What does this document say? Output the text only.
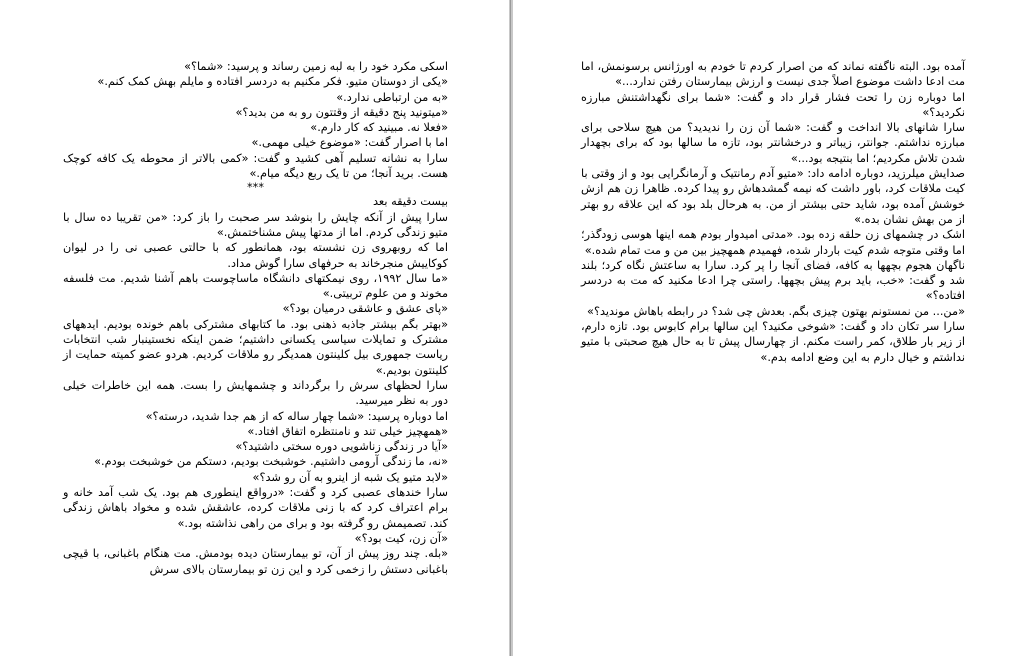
اسکی مکرد خود را به لبه زمین رساند و پرسید: «شما؟»

«یکی از دوستان متیو. فکر مکنیم به دردسر افتاده و مایلم بهش کمک کنم.»

«به من ارتباطی ندارد.»

«میتونید پنج دقیقه از وقتتون رو به من بدید؟»

«فعلا نه. مبینید که کار دارم.»

اما با اصرار گفت: «موضوع خیلی مهمی.»

سارا به نشانه تسلیم آهی کشید و گفت: «کمی بالاتر از محوطه یک کافه کوچک هست. برید آنجا؛ من تا یک ربع دیگه میام.»

***

بیست دقیقه بعد

سارا پیش از آنکه چایش را بنوشد سر صحبت را باز کرد: «من تقریبا ده سال با متیو زندگی کردم. اما از مدتها پیش مشناختمش.»

اما که روبهروی زن نشسته بود، همانطور که با حالتی عصبی نی را در لیوان کوکاییش منجرخاند به حرفهای سارا گوش مداد.

«ما سال ۱۹۹۲، روی نیمکتهای دانشگاه ماساچوست باهم آشنا شدیم. مت فلسفه مخوند و من علوم تربیتی.»

«پای عشق و عاشقی درمیان بود؟»

«بهتر بگم بیشتر جاذبه ذهنی بود. ما کتابهای مشترکی باهم خونده بودیم. ایدههای مشترک و تمایلات سیاسی یکسانی داشتیم؛ ضمن اینکه نخستینبار شب انتخابات ریاست جمهوری بیل کلینتون همدیگر رو ملاقات کردیم. هردو عضو کمیته حمایت از کلینتون بودیم.»

سارا لحظهای سرش را برگرداند و چشمهایش را بست. همه این خاطرات خیلی دور به نظر میرسید.

اما دوباره پرسید: «شما چهار ساله که از هم جدا شدید، درسته؟»

«همهچیز خیلی تند و نامنتظره اتفاق افتاد.»

«آیا در زندگی زناشویی دوره سختی داشتید؟»

«نه، ما زندگی آرومی داشتیم. خوشبخت بودیم، دستکم من خوشبخت بودم.»

«لابد متیو یک شبه از اینرو به آن رو شد؟»

سارا خندهای عصبی کرد و گفت: «درواقع اینطوری هم بود. یک شب آمد خانه و برام اعتراف کرد که با زنی ملاقات کرده، عاشقش شده و مخواد باهاش زندگی کند. تصمیمش رو گرفته بود و برای من راهی نذاشته بود.»

«آن زن، کیت بود؟»

«بله. چند روز پیش از آن، تو بیمارستان دیده بودمش. مت هنگام باغبانی، با قیچی باغبانی دستش را زخمی کرد و این زن تو بیمارستان بالای سرش

آمده بود. البته ناگفته نماند که من اصرار کردم تا خودم به اورژانس برسونمش، اما مت ادعا داشت موضوع اصلاً جدی نیست و ارزش بیمارستان رفتن ندارد...»

اما دوباره زن را تحت فشار قرار داد و گفت: «شما برای نگهداشتنش مبارزه نکردید؟»

سارا شانهای بالا انداخت و گفت: «شما آن زن را ندیدید؟ من هیچ سلاحی برای مبارزه نداشتم. جوانتر، زیباتر و درخشانتر بود، تازه ما سالها بود که برای بچهدار شدن تلاش مکردیم؛ اما بنتیجه بود...»

صدایش میلرزید، دوباره ادامه داد: «متیو آدم رمانتیک و آرمانگرایی بود و از وقتی با کیت ملاقات کرد، باور داشت که نیمه گمشدهاش رو پیدا کرده. ظاهرا زن هم ازش خوشش آمده بود، شاید حتی بیشتر از من. به هرحال بلد بود که این علاقه رو بهتر از من بهش نشان بده.»

اشک در چشمهای زن حلقه زده بود. «مدتی امیدوار بودم همه اینها هوسی زودگذر؛ اما وقتی متوجه شدم کیت باردار شده، فهمیدم همهچیز بین من و مت تمام شده.»

ناگهان هجوم بچهها به کافه، فضای آنجا را پر کرد. سارا به ساعتش نگاه کرد؛ بلند شد و گفت: «خب، باید برم پیش بچهها. راستی چرا ادعا مکنید که مت به دردسر افتاده؟»

«من... من نمستونم بهتون چیزی بگم. بعدش چی شد؟ در رابطه باهاش موندید؟»

سارا سر تکان داد و گفت: «شوخی مکنید؟ این سالها برام کابوس بود. تازه دارم، از زیر بار طلاق، کمر راست مکنم. از چهارسال پیش تا به حال هیچ صحبتی با متیو نداشتم و خیال دارم به این وضع ادامه بدم.»
